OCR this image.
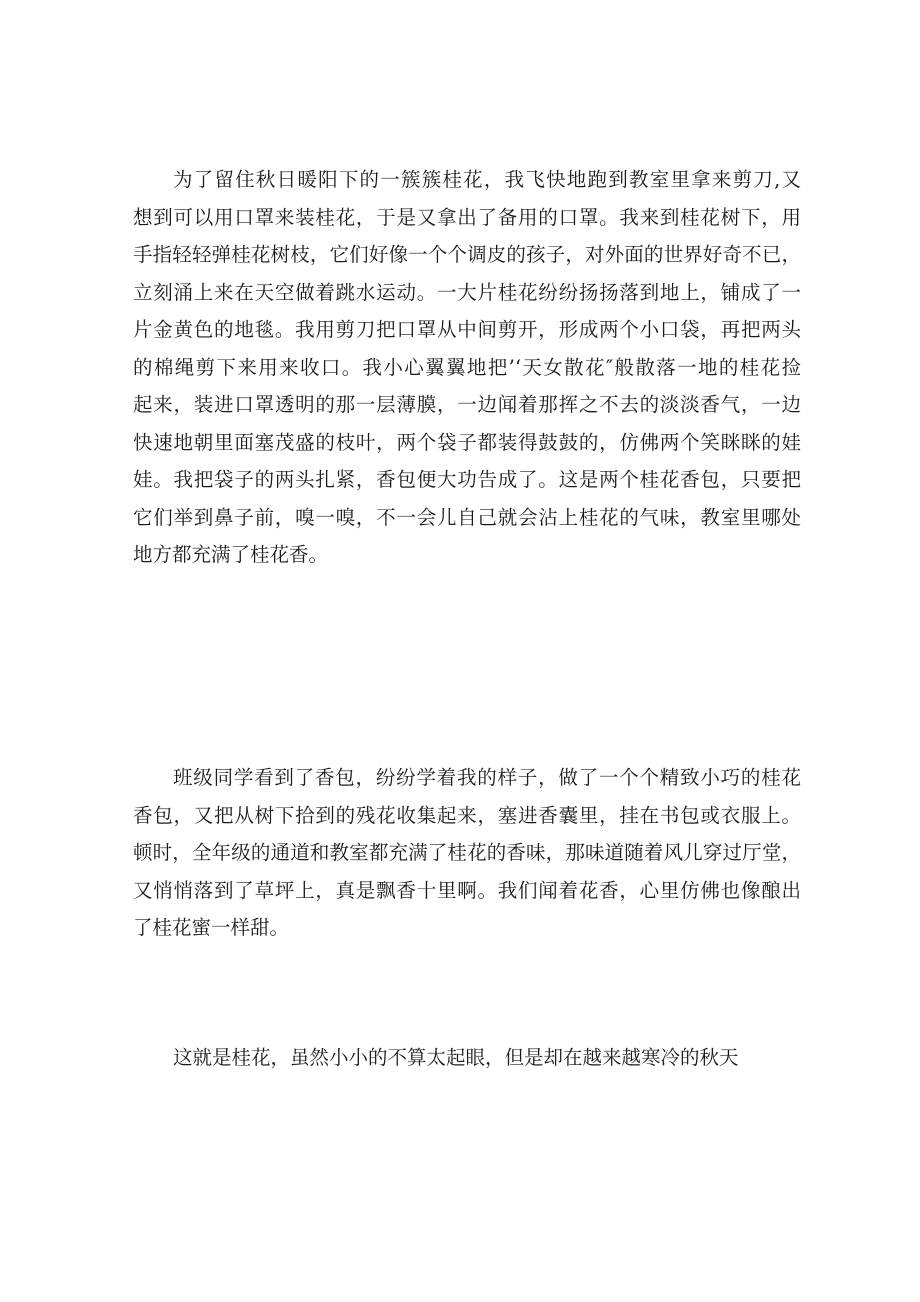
为了留住秋日暖阳下的一簇簇桂花，我飞快地跑到教室里拿来剪刀,又
想到可以用口罩来装桂花，于是又拿出了备用的口罩。我来到桂花树下，用
手指轻轻弹桂花树枝，它们好像一个个调皮的孩子，对外面的世界好奇不已，
立刻涌上来在天空做着跳水运动。一大片桂花纷纷扬扬落到地上，铺成了一
片金黄色的地毯。我用剪刀把口罩从中间剪开，形成两个小口袋，再把两头
的棉绳剪下来用来收口。我小心翼翼地把’‘天女散花″般散落一地的桂花捡
起来，装进口罩透明的那一层薄膜，一边闻着那挥之不去的淡淡香气，一边
快速地朝里面塞茂盛的枝叶，两个袋子都装得鼓鼓的，仿佛两个笑眯眯的娃
娃。我把袋子的两头扎紧，香包便大功告成了。这是两个桂花香包，只要把
它们举到鼻子前，嗅一嗅，不一会儿自己就会沾上桂花的气味，教室里哪处
地方都充满了桂花香。
班级同学看到了香包，纷纷学着我的样子，做了一个个精致小巧的桂花
香包，又把从树下拾到的残花收集起来，塞进香囊里，挂在书包或衣服上。
顿时，全年级的通道和教室都充满了桂花的香味，那味道随着风儿穿过厅堂，
又悄悄落到了草坪上，真是飘香十里啊。我们闻着花香，心里仿佛也像酿出
了桂花蜜一样甜。
这就是桂花，虽然小小的不算太起眼，但是却在越来越寒冷的秋天
